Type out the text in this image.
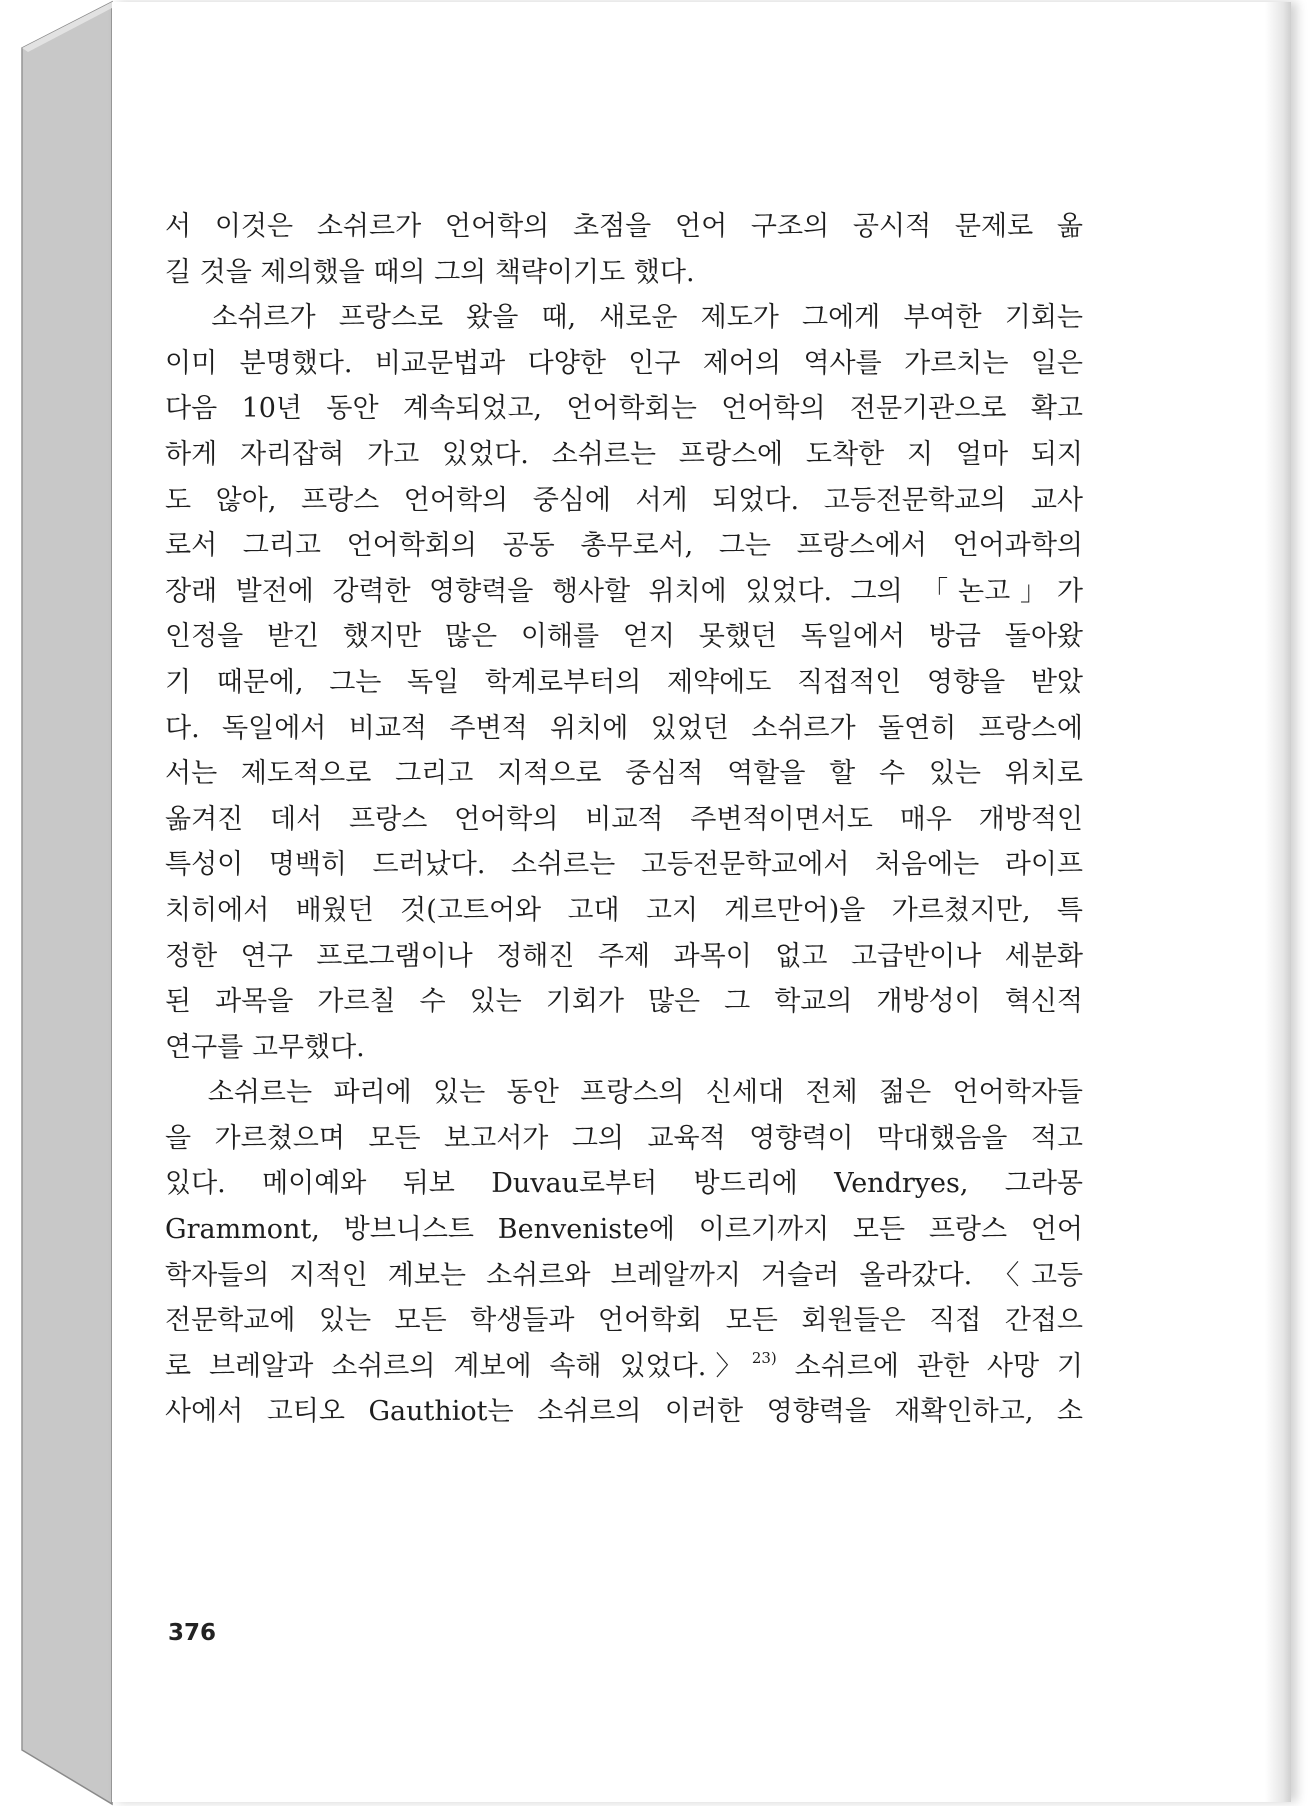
서 이것은 소쉬르가 언어학의 초점을 언어 구조의 공시적 문제로 옮
길 것을 제의했을 때의 그의 책략이기도 했다.
소쉬르가 프랑스로 왔을 때, 새로운 제도가 그에게 부여한 기회는
이미 분명했다. 비교문법과 다양한 인구 제어의 역사를 가르치는 일은
다음 10년 동안 계속되었고, 언어학회는 언어학의 전문기관으로 확고
하게 자리잡혀 가고 있었다. 소쉬르는 프랑스에 도착한 지 얼마 되지
도 않아, 프랑스 언어학의 중심에 서게 되었다. 고등전문학교의 교사
로서 그리고 언어학회의 공동 총무로서, 그는 프랑스에서 언어과학의
장래 발전에 강력한 영향력을 행사할 위치에 있었다. 그의 「논고」가
인정을 받긴 했지만 많은 이해를 얻지 못했던 독일에서 방금 돌아왔
기 때문에, 그는 독일 학계로부터의 제약에도 직접적인 영향을 받았
다. 독일에서 비교적 주변적 위치에 있었던 소쉬르가 돌연히 프랑스에
서는 제도적으로 그리고 지적으로 중심적 역할을 할 수 있는 위치로
옮겨진 데서 프랑스 언어학의 비교적 주변적이면서도 매우 개방적인
특성이 명백히 드러났다. 소쉬르는 고등전문학교에서 처음에는 라이프
치히에서 배웠던 것(고트어와 고대 고지 게르만어)을 가르쳤지만, 특
정한 연구 프로그램이나 정해진 주제 과목이 없고 고급반이나 세분화
된 과목을 가르칠 수 있는 기회가 많은 그 학교의 개방성이 혁신적
연구를 고무했다.
소쉬르는 파리에 있는 동안 프랑스의 신세대 전체 젊은 언어학자들
을 가르쳤으며 모든 보고서가 그의 교육적 영향력이 막대했음을 적고
있다. 메이예와 뒤보 Duvau로부터 방드리에 Vendryes, 그라몽
Grammont, 방브니스트 Benveniste에 이르기까지 모든 프랑스 언어
학자들의 지적인 계보는 소쉬르와 브레알까지 거슬러 올라갔다. 〈고등
전문학교에 있는 모든 학생들과 언어학회 모든 회원들은 직접 간접으
로 브레알과 소쉬르의 계보에 속해 있었다.〉$^{23)}$ 소쉬르에 관한 사망 기
사에서 고티오 Gauthiot는 소쉬르의 이러한 영향력을 재확인하고, 소
376
